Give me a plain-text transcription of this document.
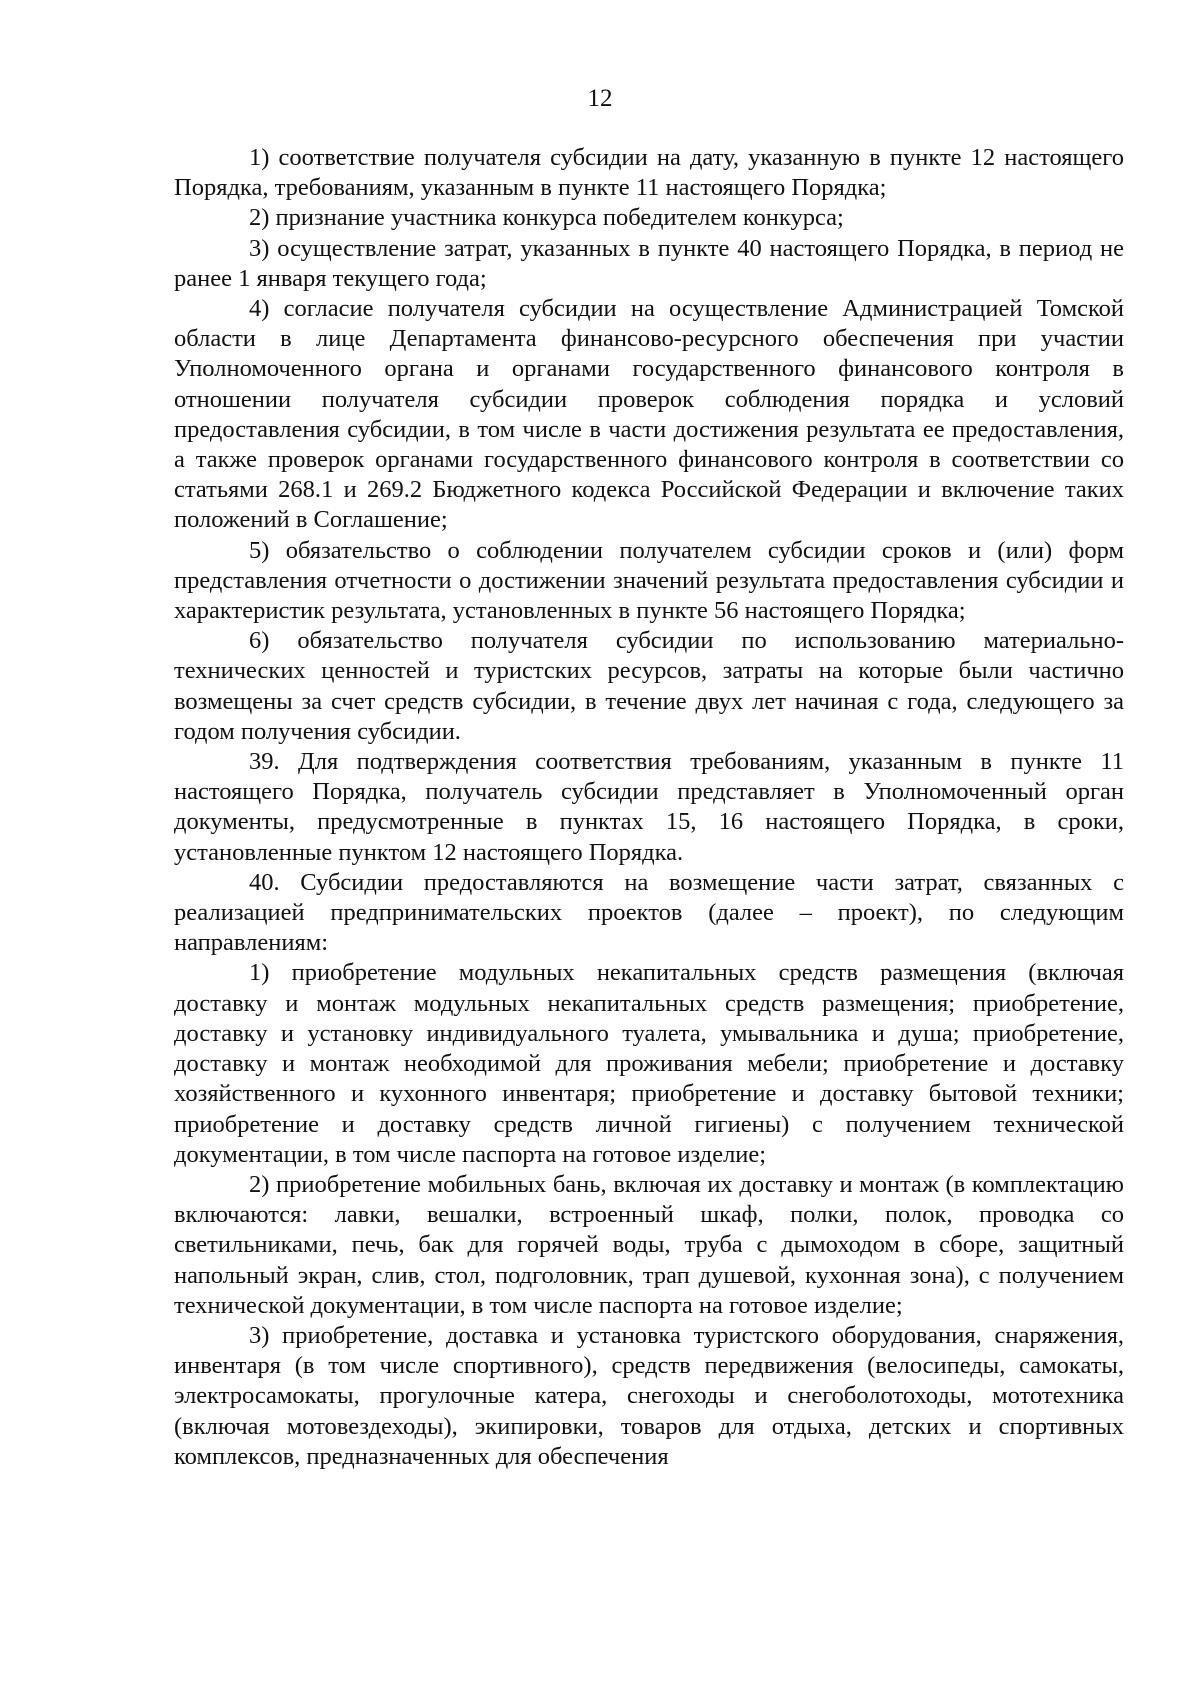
12

1) соответствие получателя субсидии на дату, указанную в пункте 12 настоящего Порядка, требованиям, указанным в пункте 11 настоящего Порядка;

2) признание участника конкурса победителем конкурса;

3) осуществление затрат, указанных в пункте 40 настоящего Порядка, в период не ранее 1 января текущего года;

4) согласие получателя субсидии на осуществление Администрацией Томской области в лице Департамента финансово-ресурсного обеспечения при участии Уполномоченного органа и органами государственного финансового контроля в отношении получателя субсидии проверок соблюдения порядка и условий предоставления субсидии, в том числе в части достижения результата ее предоставления, а также проверок органами государственного финансового контроля в соответствии со статьями 268.1 и 269.2 Бюджетного кодекса Российской Федерации и включение таких положений в Соглашение;

5) обязательство о соблюдении получателем субсидии сроков и (или) форм представления отчетности о достижении значений результата предоставления субсидии и характеристик результата, установленных в пункте 56 настоящего Порядка;

6) обязательство получателя субсидии по использованию материально-технических ценностей и туристских ресурсов, затраты на которые были частично возмещены за счет средств субсидии, в течение двух лет начиная с года, следующего за годом получения субсидии.

39. Для подтверждения соответствия требованиям, указанным в пункте 11 настоящего Порядка, получатель субсидии представляет в Уполномоченный орган документы, предусмотренные в пунктах 15, 16 настоящего Порядка, в сроки, установленные пунктом 12 настоящего Порядка.

40. Субсидии предоставляются на возмещение части затрат, связанных с реализацией предпринимательских проектов (далее – проект), по следующим направлениям:

1) приобретение модульных некапитальных средств размещения (включая доставку и монтаж модульных некапитальных средств размещения; приобретение, доставку и установку индивидуального туалета, умывальника и душа; приобретение, доставку и монтаж необходимой для проживания мебели; приобретение и доставку хозяйственного и кухонного инвентаря; приобретение и доставку бытовой техники; приобретение и доставку средств личной гигиены) с получением технической документации, в том числе паспорта на готовое изделие;

2) приобретение мобильных бань, включая их доставку и монтаж (в комплектацию включаются: лавки, вешалки, встроенный шкаф, полки, полок, проводка со светильниками, печь, бак для горячей воды, труба с дымоходом в сборе, защитный напольный экран, слив, стол, подголовник, трап душевой, кухонная зона), с получением технической документации, в том числе паспорта на готовое изделие;

3) приобретение, доставка и установка туристского оборудования, снаряжения, инвентаря (в том числе спортивного), средств передвижения (велосипеды, самокаты, электросамокаты, прогулочные катера, снегоходы и снегоболотоходы, мототехника (включая мотовездеходы), экипировки, товаров для отдыха, детских и спортивных комплексов, предназначенных для обеспечения
